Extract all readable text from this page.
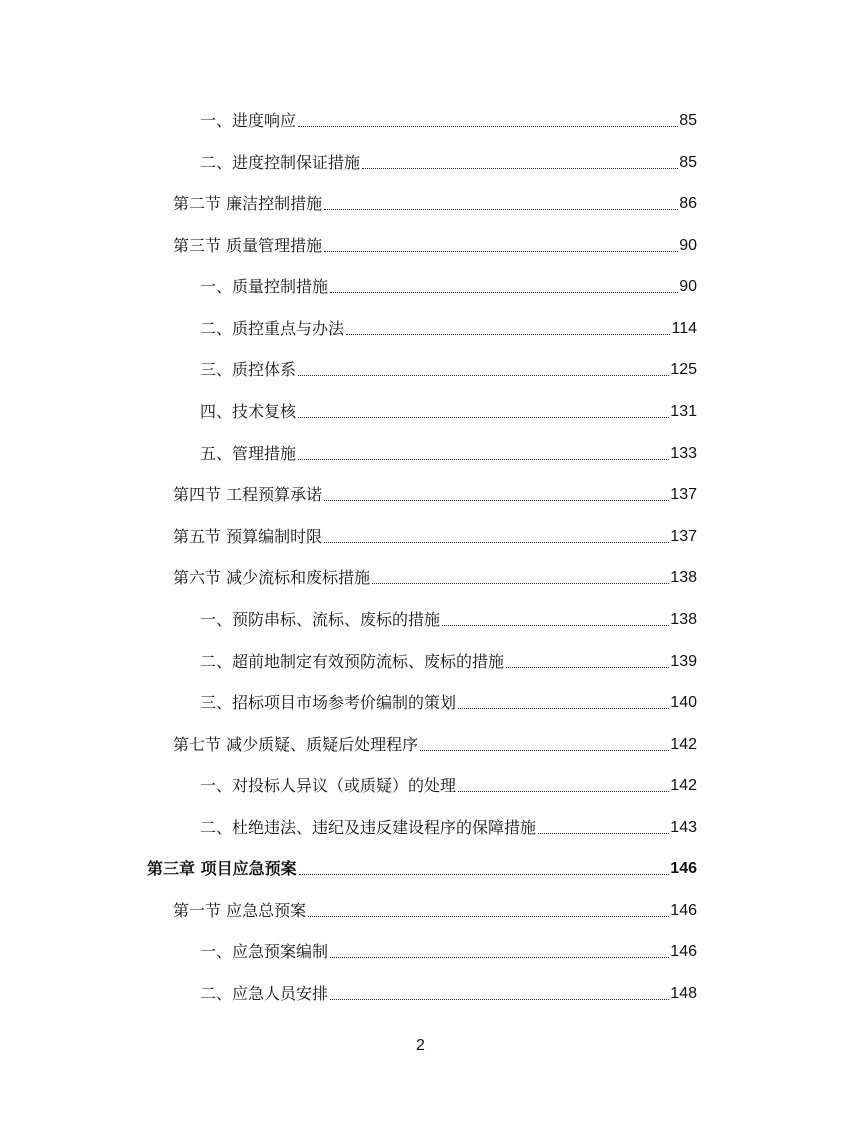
一、进度响应	85
二、进度控制保证措施	85
第二节 廉洁控制措施	86
第三节 质量管理措施	90
一、质量控制措施	90
二、质控重点与办法	114
三、质控体系	125
四、技术复核	131
五、管理措施	133
第四节 工程预算承诺	137
第五节 预算编制时限	137
第六节 减少流标和废标措施	138
一、预防串标、流标、废标的措施	138
二、超前地制定有效预防流标、废标的措施	139
三、招标项目市场参考价编制的策划	140
第七节 减少质疑、质疑后处理程序	142
一、对投标人异议（或质疑）的处理	142
二、杜绝违法、违纪及违反建设程序的保障措施	143
第三章 项目应急预案	146
第一节 应急总预案	146
一、应急预案编制	146
二、应急人员安排	148
2
